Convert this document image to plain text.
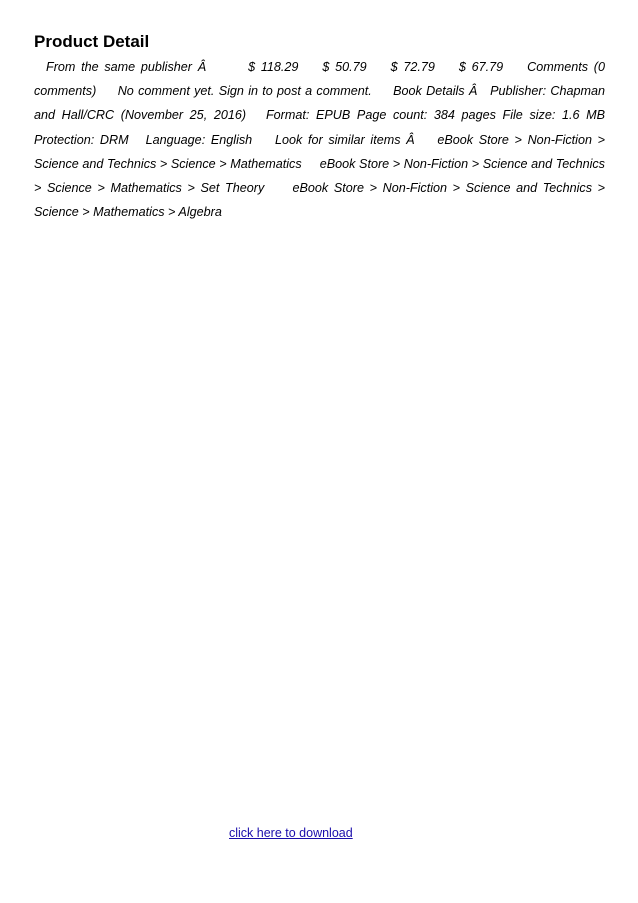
Product Detail

From the same publisher Â	$ 118.29 $ 50.79 $ 72.79 $ 67.79 Comments (0 comments) No comment yet. Sign in to post a comment. Book Details Â Publisher: Chapman and Hall/CRC (November 25, 2016) Format: EPUB Page count: 384 pages File size: 1.6 MB Protection: DRM Language: English Look for similar items Â eBook Store > Non-Fiction > Science and Technics > Science > Mathematics eBook Store > Non-Fiction > Science and Technics > Science > Mathematics > Set Theory eBook Store > Non-Fiction > Science and Technics > Science > Mathematics > Algebra

click here to download
